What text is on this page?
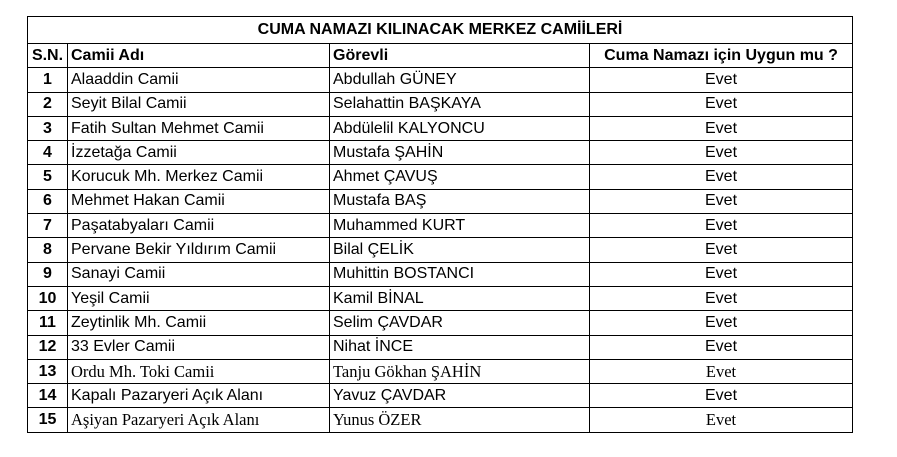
CUMA NAMAZI KILINACAK MERKEZ CAMİİLERİ			
S.N.	Camii Adı	Görevli	Cuma Namazı için Uygun mu ?
1	Alaaddin Camii	Abdullah GÜNEY	Evet
2	Seyit Bilal Camii	Selahattin BAŞKAYA	Evet
3	Fatih Sultan Mehmet Camii	Abdülelil KALYONCU	Evet
4	İzzetağa Camii	Mustafa ŞAHİN	Evet
5	Korucuk Mh. Merkez Camii	Ahmet ÇAVUŞ	Evet
6	Mehmet Hakan Camii	Mustafa BAŞ	Evet
7	Paşatabyaları Camii	Muhammed KURT	Evet
8	Pervane Bekir Yıldırım Camii	Bilal ÇELİK	Evet
9	Sanayi Camii	Muhittin BOSTANCI	Evet
10	Yeşil Camii	Kamil BİNAL	Evet
11	Zeytinlik Mh. Camii	Selim ÇAVDAR	Evet
12	33 Evler Camii	Nihat İNCE	Evet
13	Ordu Mh. Toki Camii	Tanju Gökhan ŞAHİN	Evet
14	Kapalı Pazaryeri Açık Alanı	Yavuz ÇAVDAR	Evet
15	Aşiyan Pazaryeri Açık Alanı	Yunus ÖZER	Evet
